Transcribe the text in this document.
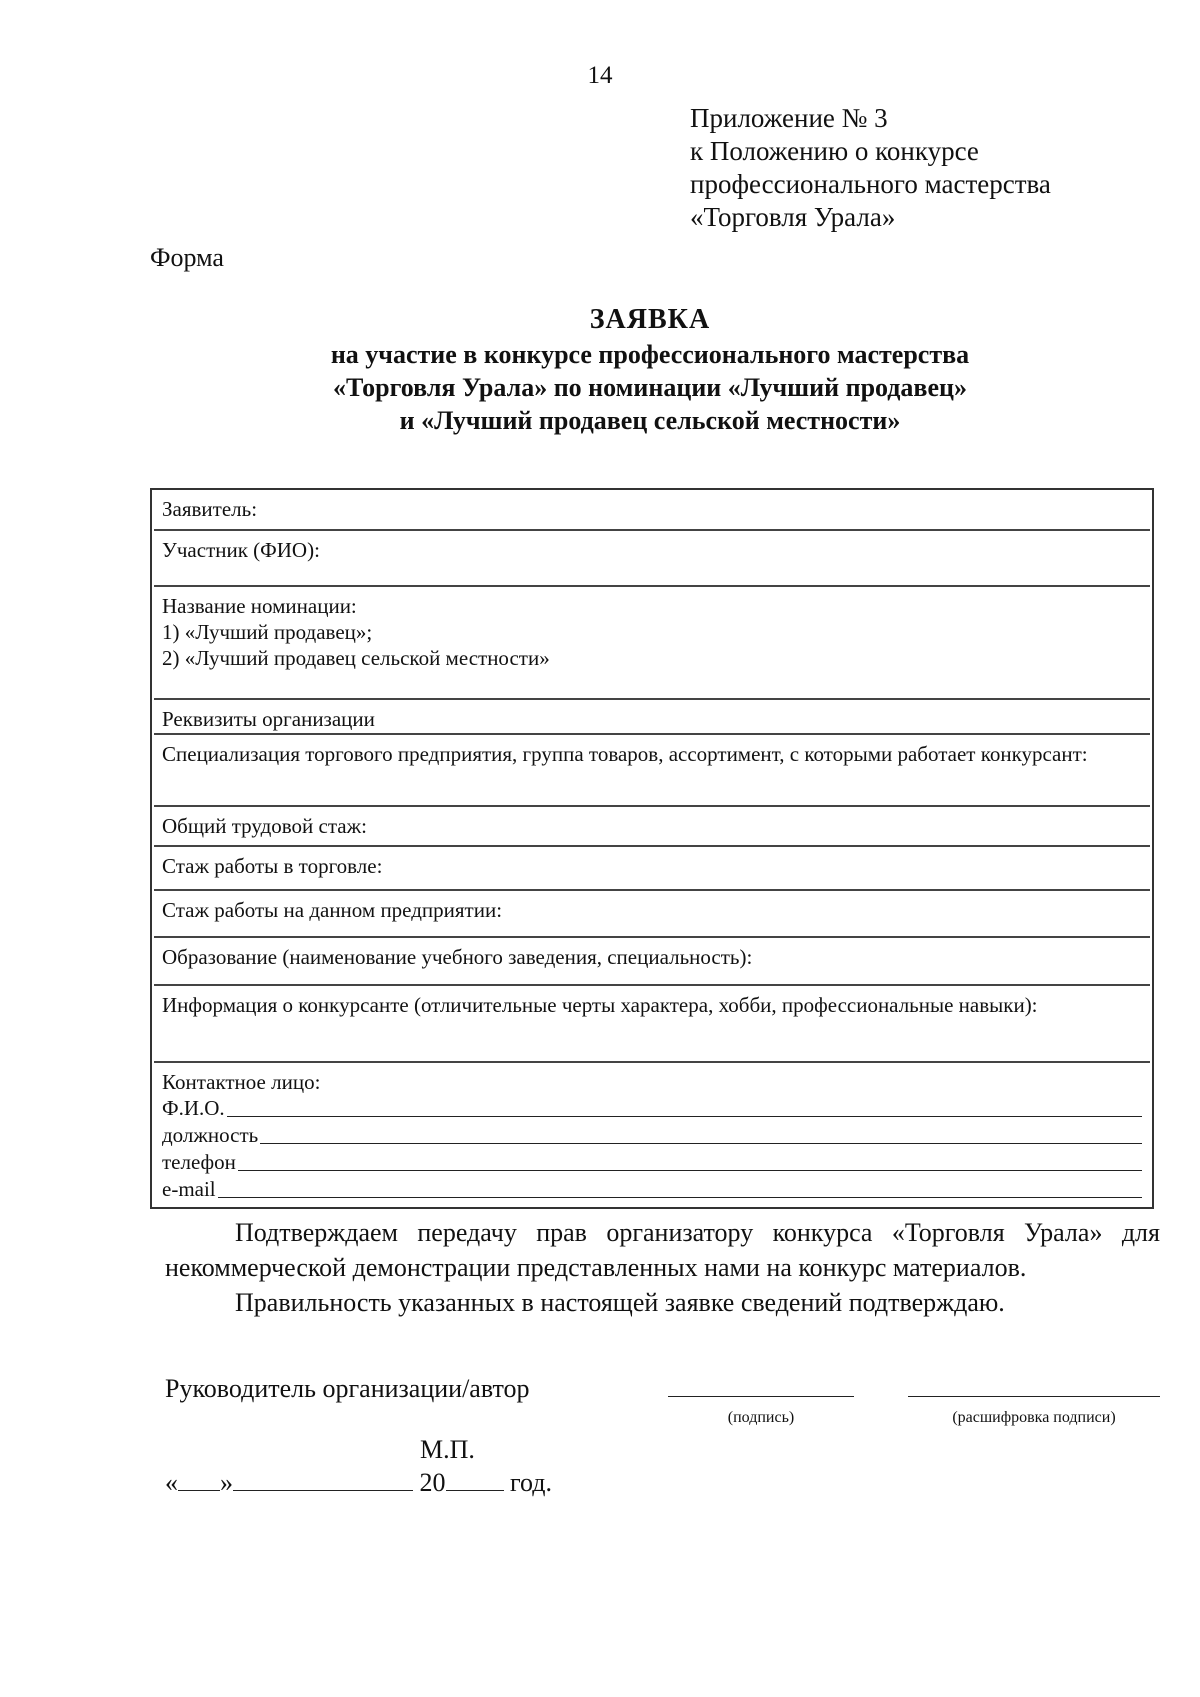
14
Приложение № 3
к Положению о конкурсе
профессионального мастерства
«Торговля Урала»
Форма
ЗАЯВКА
на участие в конкурсе профессионального мастерства
«Торговля Урала» по номинации «Лучший продавец»
и «Лучший продавец сельской местности»
Заявитель:
Участник (ФИО):
Название номинации:
1) «Лучший продавец»;
2) «Лучший продавец сельской местности»
Реквизиты организации
Специализация торгового предприятия, группа товаров, ассортимент, с которыми работает конкурсант:
Общий трудовой стаж:
Стаж работы в торговле:
Стаж работы на данном предприятии:
Образование (наименование учебного заведения, специальность):
Информация о конкурсанте (отличительные черты характера, хобби, профессиональные навыки):
Контактное лицо:
Ф.И.О.
должность
телефон
e-mail

Подтверждаем передачу прав организатору конкурса «Торговля Урала» для некоммерческой демонстрации представленных нами на конкурс материалов.

Правильность указанных в настоящей заявке сведений подтверждаю.

Руководитель организации/автор
(подпись)	(расшифровка подписи)
М.П.
« »	20 год.
